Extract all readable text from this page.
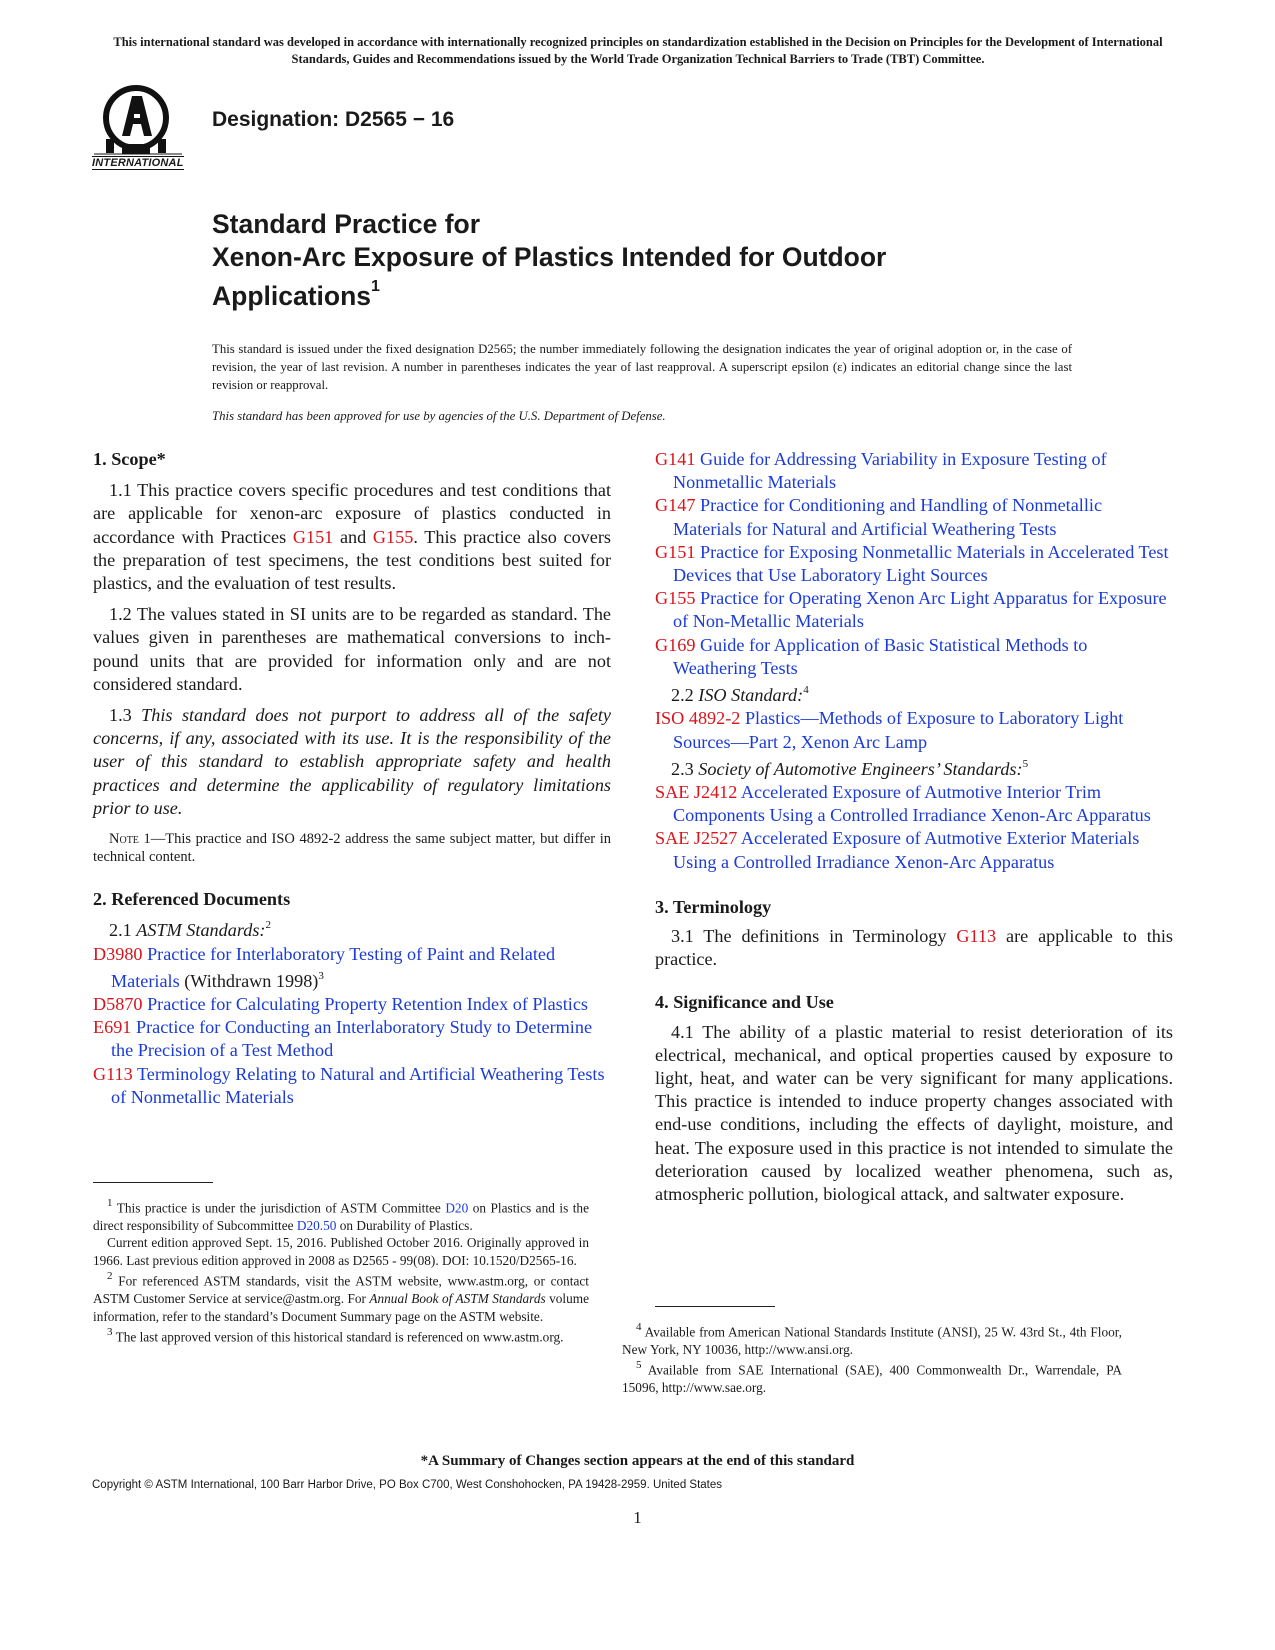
This international standard was developed in accordance with internationally recognized principles on standardization established in the Decision on Principles for the Development of International Standards, Guides and Recommendations issued by the World Trade Organization Technical Barriers to Trade (TBT) Committee.
INTERNATIONAL
Designation: D2565 − 16
Standard Practice for
Xenon-Arc Exposure of Plastics Intended for Outdoor
Applications$^1$
This standard is issued under the fixed designation D2565; the number immediately following the designation indicates the year of original adoption or, in the case of revision, the year of last revision. A number in parentheses indicates the year of last reapproval. A superscript epsilon (ε) indicates an editorial change since the last revision or reapproval.
This standard has been approved for use by agencies of the U.S. Department of Defense.

1. Scope*

1.1 This practice covers specific procedures and test conditions that are applicable for xenon-arc exposure of plastics conducted in accordance with Practices G151 and G155. This practice also covers the preparation of test specimens, the test conditions best suited for plastics, and the evaluation of test results.

1.2 The values stated in SI units are to be regarded as standard. The values given in parentheses are mathematical conversions to inch-pound units that are provided for information only and are not considered standard.

1.3 This standard does not purport to address all of the safety concerns, if any, associated with its use. It is the responsibility of the user of this standard to establish appropriate safety and health practices and determine the applicability of regulatory limitations prior to use.

Note 1—This practice and ISO 4892-2 address the same subject matter, but differ in technical content.

2. Referenced Documents

2.1 ASTM Standards:$^2$

D3980 Practice for Interlaboratory Testing of Paint and Related Materials (Withdrawn 1998)$^3$

D5870 Practice for Calculating Property Retention Index of Plastics

E691 Practice for Conducting an Interlaboratory Study to Determine the Precision of a Test Method

G113 Terminology Relating to Natural and Artificial Weathering Tests of Nonmetallic Materials

G141 Guide for Addressing Variability in Exposure Testing of Nonmetallic Materials

G147 Practice for Conditioning and Handling of Nonmetallic Materials for Natural and Artificial Weathering Tests

G151 Practice for Exposing Nonmetallic Materials in Accelerated Test Devices that Use Laboratory Light Sources

G155 Practice for Operating Xenon Arc Light Apparatus for Exposure of Non-Metallic Materials

G169 Guide for Application of Basic Statistical Methods to Weathering Tests

2.2 ISO Standard:$^4$

ISO 4892-2 Plastics—Methods of Exposure to Laboratory Light Sources—Part 2, Xenon Arc Lamp

2.3 Society of Automotive Engineers’ Standards:$^5$

SAE J2412 Accelerated Exposure of Autmotive Interior Trim Components Using a Controlled Irradiance Xenon-Arc Apparatus

SAE J2527 Accelerated Exposure of Autmotive Exterior Materials Using a Controlled Irradiance Xenon-Arc Apparatus

3. Terminology

3.1 The definitions in Terminology G113 are applicable to this practice.

4. Significance and Use

4.1 The ability of a plastic material to resist deterioration of its electrical, mechanical, and optical properties caused by exposure to light, heat, and water can be very significant for many applications. This practice is intended to induce property changes associated with end-use conditions, including the effects of daylight, moisture, and heat. The exposure used in this practice is not intended to simulate the deterioration caused by localized weather phenomena, such as, atmospheric pollution, biological attack, and saltwater exposure.

$^1$ This practice is under the jurisdiction of ASTM Committee D20 on Plastics and is the direct responsibility of Subcommittee D20.50 on Durability of Plastics.

Current edition approved Sept. 15, 2016. Published October 2016. Originally approved in 1966. Last previous edition approved in 2008 as D2565 - 99(08). DOI: 10.1520/D2565-16.

$^2$ For referenced ASTM standards, visit the ASTM website, www.astm.org, or contact ASTM Customer Service at service@astm.org. For Annual Book of ASTM Standards volume information, refer to the standard’s Document Summary page on the ASTM website.

$^3$ The last approved version of this historical standard is referenced on www.astm.org.

$^4$ Available from American National Standards Institute (ANSI), 25 W. 43rd St., 4th Floor, New York, NY 10036, http://www.ansi.org.

$^5$ Available from SAE International (SAE), 400 Commonwealth Dr., Warrendale, PA 15096, http://www.sae.org.

*A Summary of Changes section appears at the end of this standard
Copyright © ASTM International, 100 Barr Harbor Drive, PO Box C700, West Conshohocken, PA 19428-2959. United States
1
